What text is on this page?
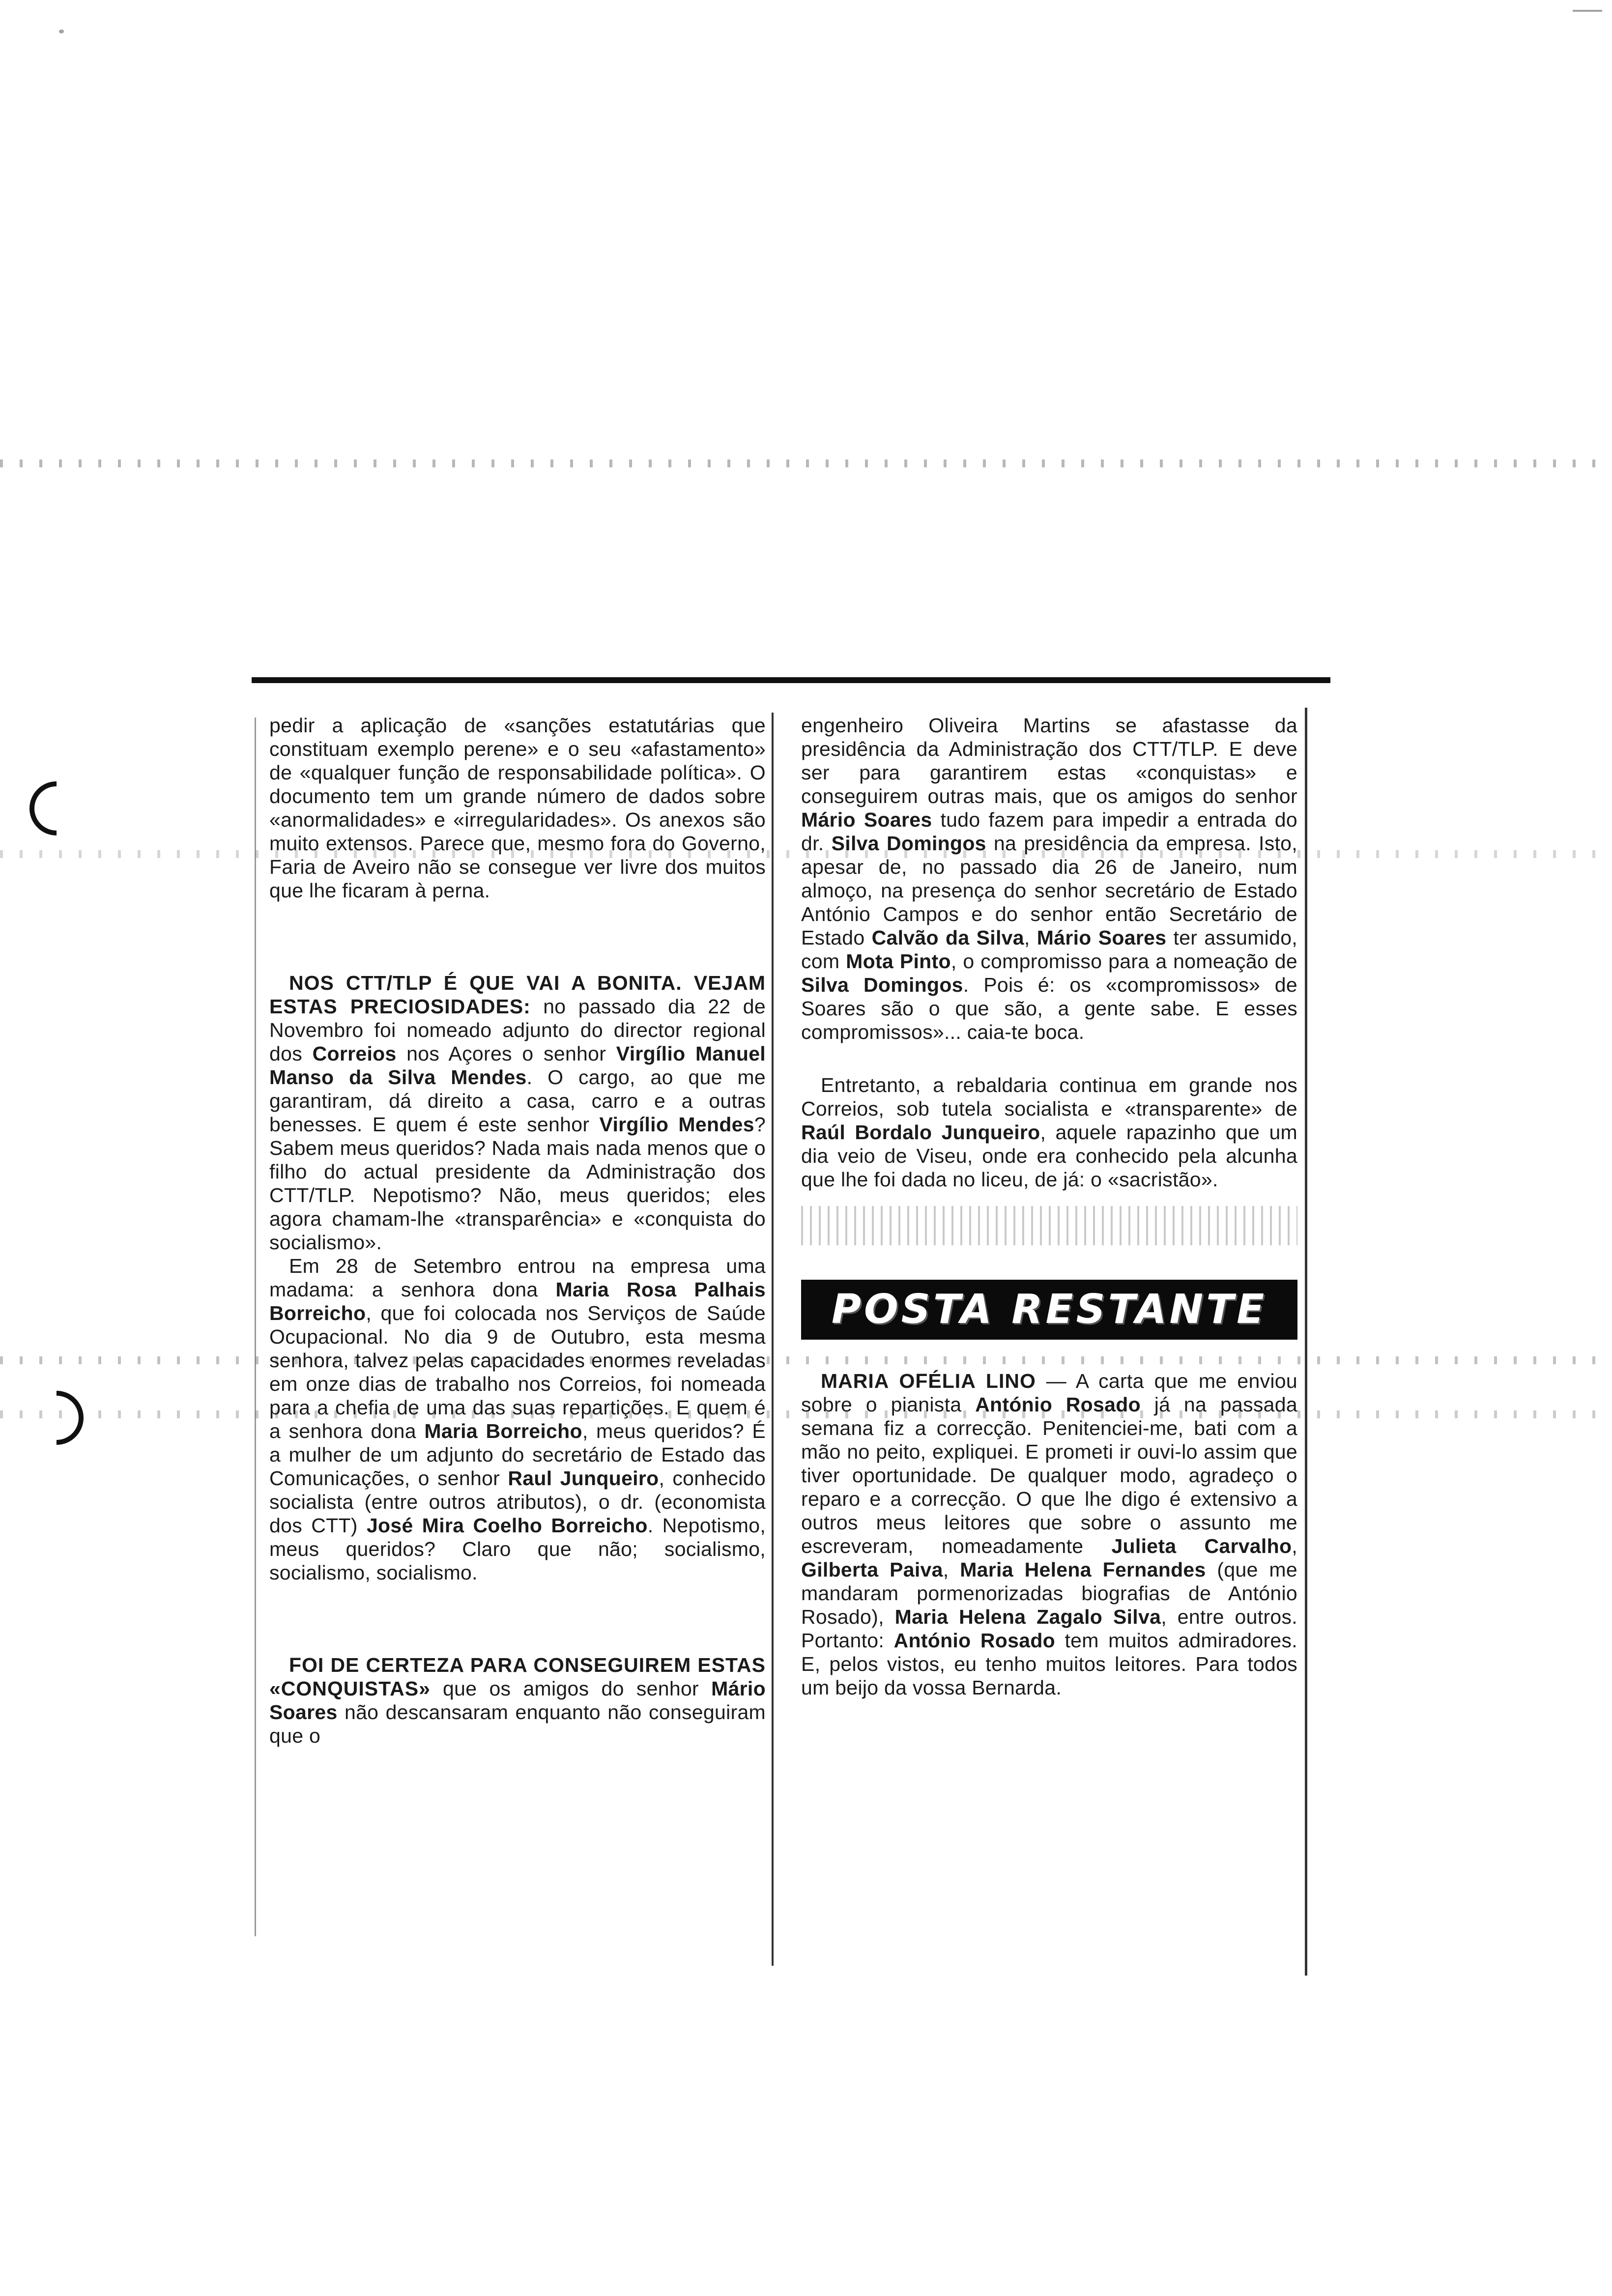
pedir a aplicação de «sanções estatutárias que constituam exemplo perene» e o seu «afastamento» de «qualquer função de responsabilidade política». O documento tem um grande número de dados sobre «anormalidades» e «irregularidades». Os anexos são muito extensos. Parece que, mesmo fora do Governo, Faria de Aveiro não se consegue ver livre dos muitos que lhe ficaram à perna.

NOS CTT/TLP É QUE VAI A BONITA. VEJAM ESTAS PRECIOSIDADES: no passado dia 22 de Novembro foi nomeado adjunto do director regional dos Correios nos Açores o senhor Virgílio Manuel Manso da Silva Mendes. O cargo, ao que me garantiram, dá direito a casa, carro e a outras benesses. E quem é este senhor Virgílio Mendes? Sabem meus queridos? Nada mais nada menos que o filho do actual presidente da Administração dos CTT/TLP. Nepotismo? Não, meus queridos; eles agora chamam-lhe «transparência» e «conquista do socialismo».

Em 28 de Setembro entrou na empresa uma madama: a senhora dona Maria Rosa Palhais Borreicho, que foi colocada nos Serviços de Saúde Ocupacional. No dia 9 de Outubro, esta mesma senhora, talvez pelas capacidades enormes reveladas em onze dias de trabalho nos Correios, foi nomeada para a chefia de uma das suas repartições. E quem é a senhora dona Maria Borreicho, meus queridos? É a mulher de um adjunto do secretário de Estado das Comunicações, o senhor Raul Junqueiro, conhecido socialista (entre outros atributos), o dr. (economista dos CTT) José Mira Coelho Borreicho. Nepotismo, meus queridos? Claro que não; socialismo, socialismo, socialismo.

FOI DE CERTEZA PARA CONSEGUIREM ESTAS «CONQUISTAS» que os amigos do senhor Mário Soares não descansaram enquanto não conseguiram que o

engenheiro Oliveira Martins se afastasse da presidência da Administração dos CTT/TLP. E deve ser para garantirem estas «conquistas» e conseguirem outras mais, que os amigos do senhor Mário Soares tudo fazem para impedir a entrada do dr. Silva Domingos na presidência da empresa. Isto, apesar de, no passado dia 26 de Janeiro, num almoço, na presença do senhor secretário de Estado António Campos e do senhor então Secretário de Estado Calvão da Silva, Mário Soares ter assumido, com Mota Pinto, o compromisso para a nomeação de Silva Domingos. Pois é: os «compromissos» de Soares são o que são, a gente sabe. E esses compromissos»... caia-te boca.

Entretanto, a rebaldaria continua em grande nos Correios, sob tutela socialista e «transparente» de Raúl Bordalo Junqueiro, aquele rapazinho que um dia veio de Viseu, onde era conhecido pela alcunha que lhe foi dada no liceu, de já: o «sacristão».

POSTA RESTANTE

MARIA OFÉLIA LINO — A carta que me enviou sobre o pianista António Rosado já na passada semana fiz a correcção. Penitenciei-me, bati com a mão no peito, expliquei. E prometi ir ouvi-lo assim que tiver oportunidade. De qualquer modo, agradeço o reparo e a correcção. O que lhe digo é extensivo a outros meus leitores que sobre o assunto me escreveram, nomeadamente Julieta Carvalho, Gilberta Paiva, Maria Helena Fernandes (que me mandaram pormenorizadas biografias de António Rosado), Maria Helena Zagalo Silva, entre outros. Portanto: António Rosado tem muitos admiradores. E, pelos vistos, eu tenho muitos leitores. Para todos um beijo da vossa Bernarda.
